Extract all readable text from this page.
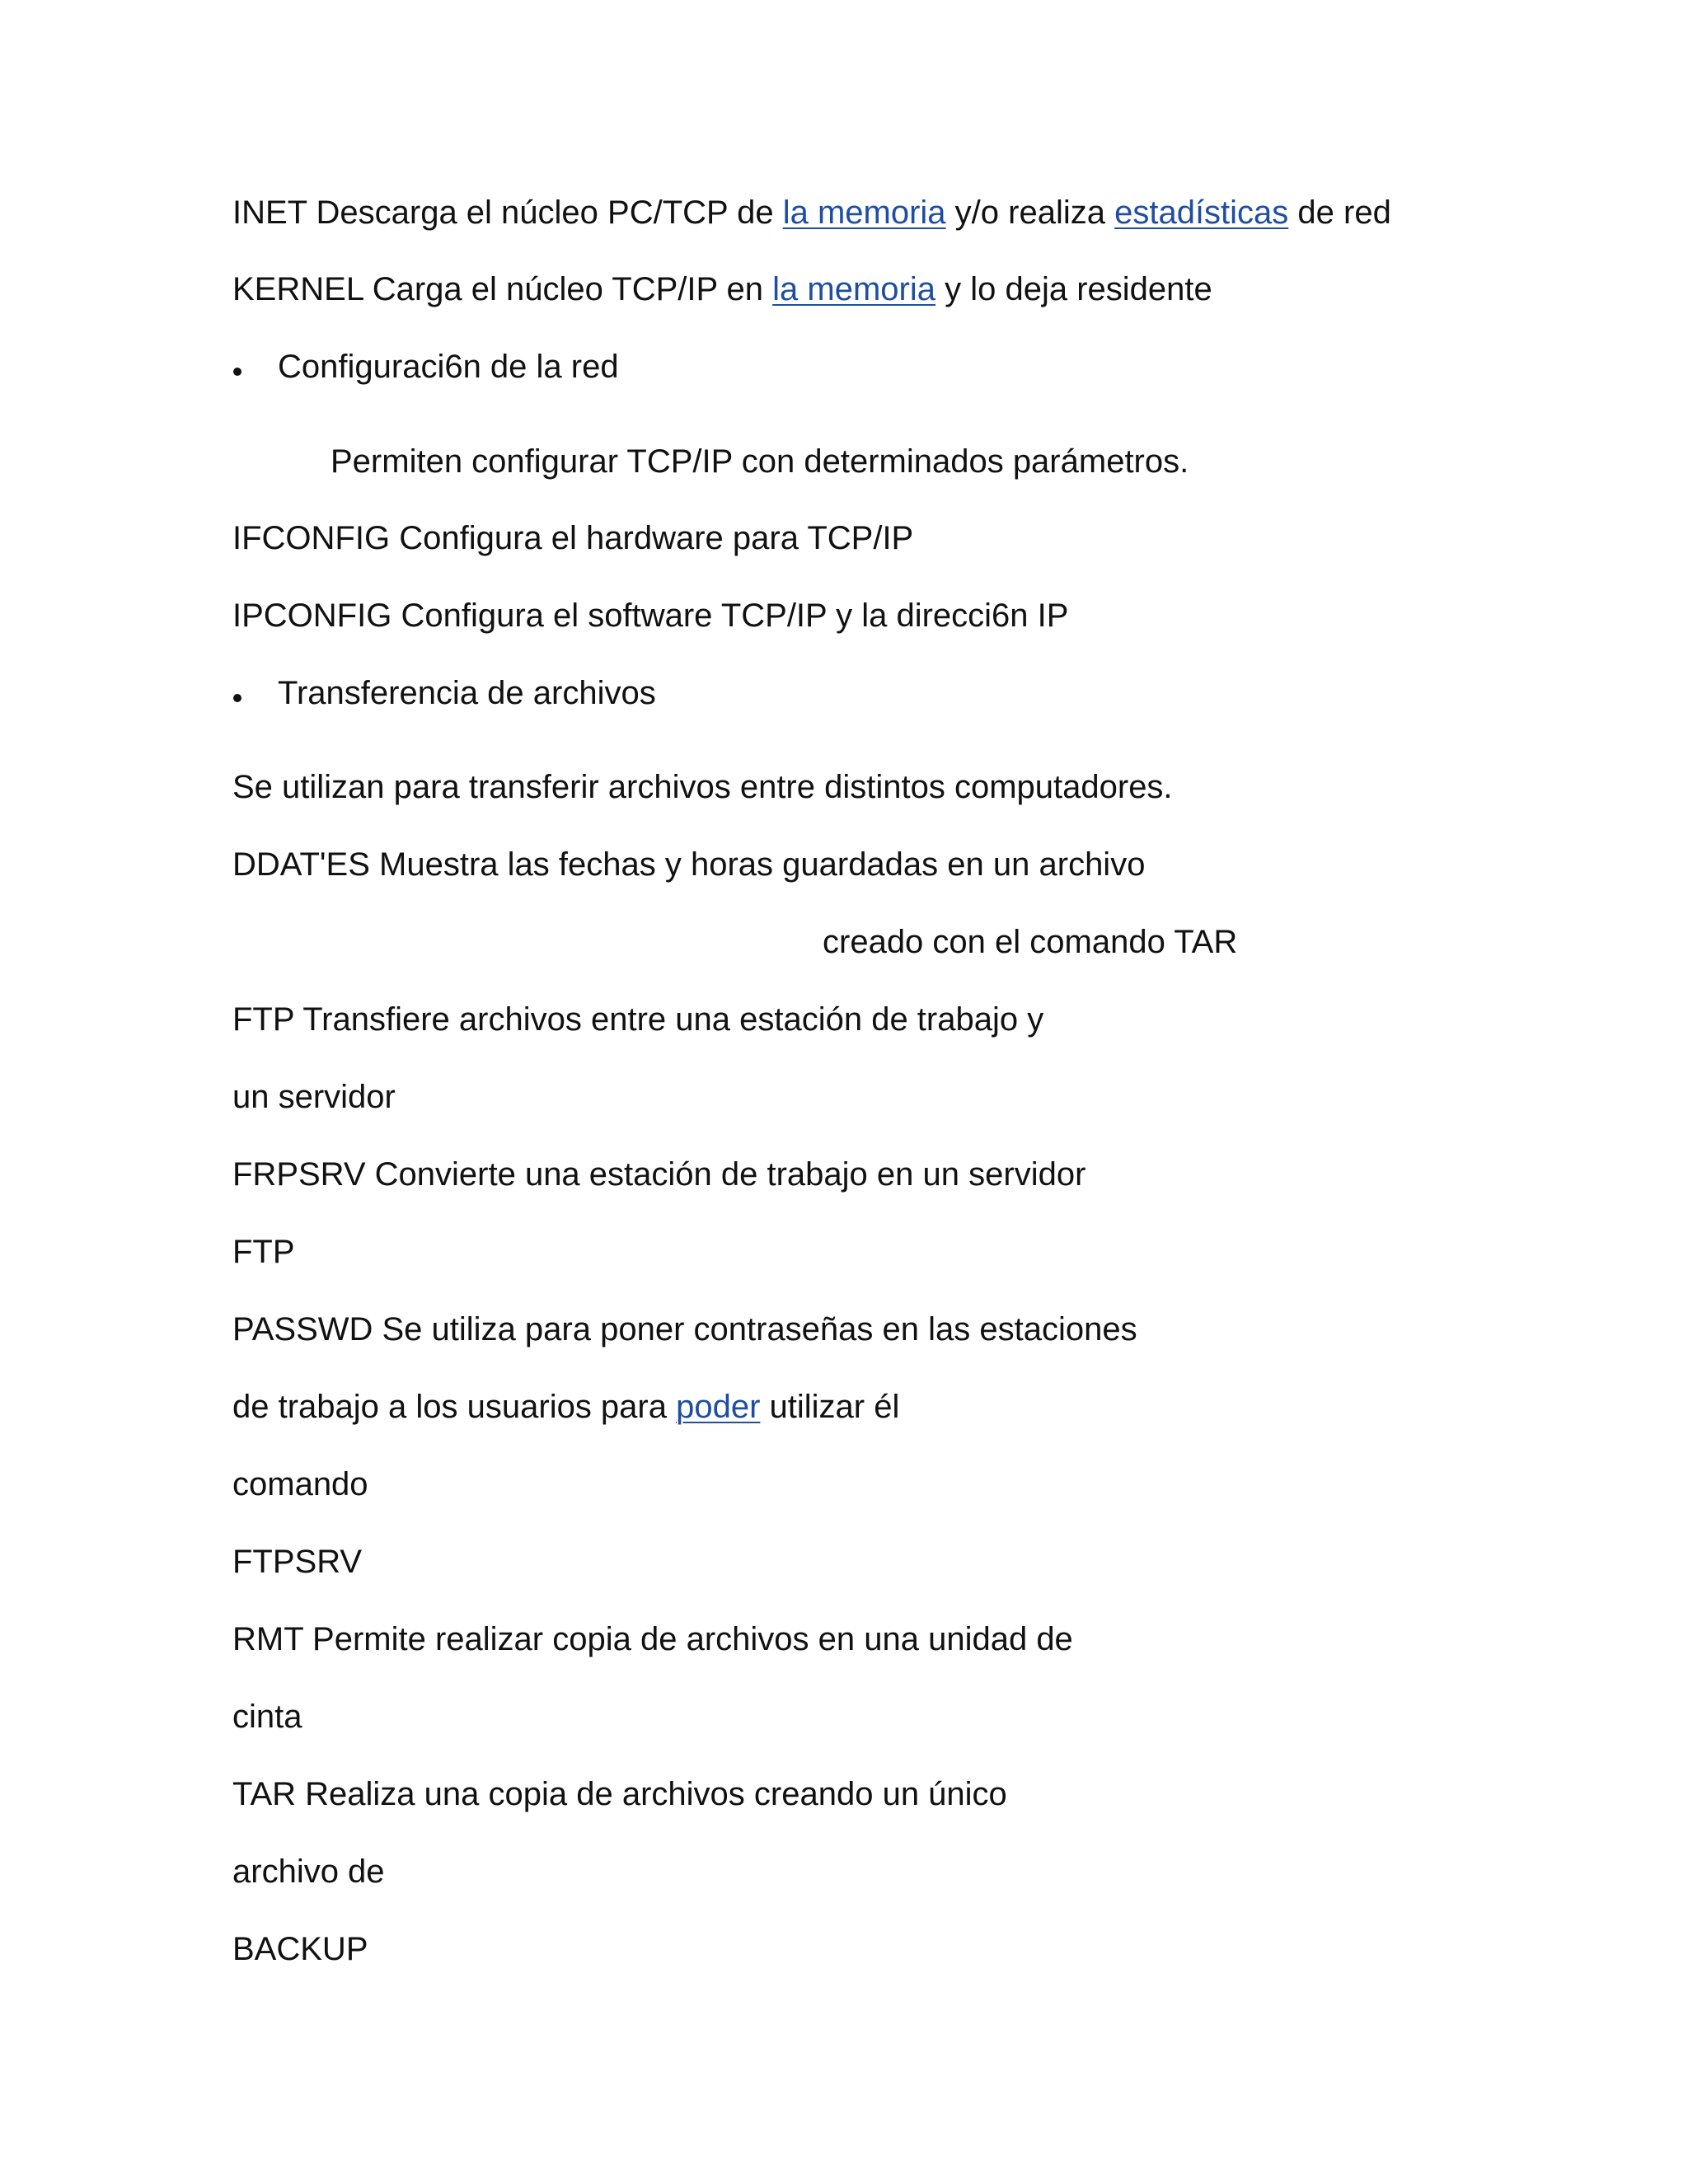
INET Descarga el núcleo PC/TCP de la memoria y/o realiza estadísticas de red
KERNEL Carga el núcleo TCP/IP en la memoria y lo deja residente
Configuraci6n de la red
Permiten configurar TCP/IP con determinados parámetros.
IFCONFIG Configura el hardware para TCP/IP
IPCONFIG Configura el software TCP/IP y la direcci6n IP
Transferencia de archivos
Se utilizan para transferir archivos entre distintos computadores.
DDAT'ES Muestra las fechas y horas guardadas en un archivo
creado con el comando TAR
FTP Transfiere archivos entre una estación de trabajo y
un servidor
FRPSRV Convierte una estación de trabajo en un servidor
FTP
PASSWD Se utiliza para poner contraseñas en las estaciones
de trabajo a los usuarios para poder utilizar él
comando
FTPSRV
RMT Permite realizar copia de archivos en una unidad de
cinta
TAR Realiza una copia de archivos creando un único
archivo de
BACKUP
